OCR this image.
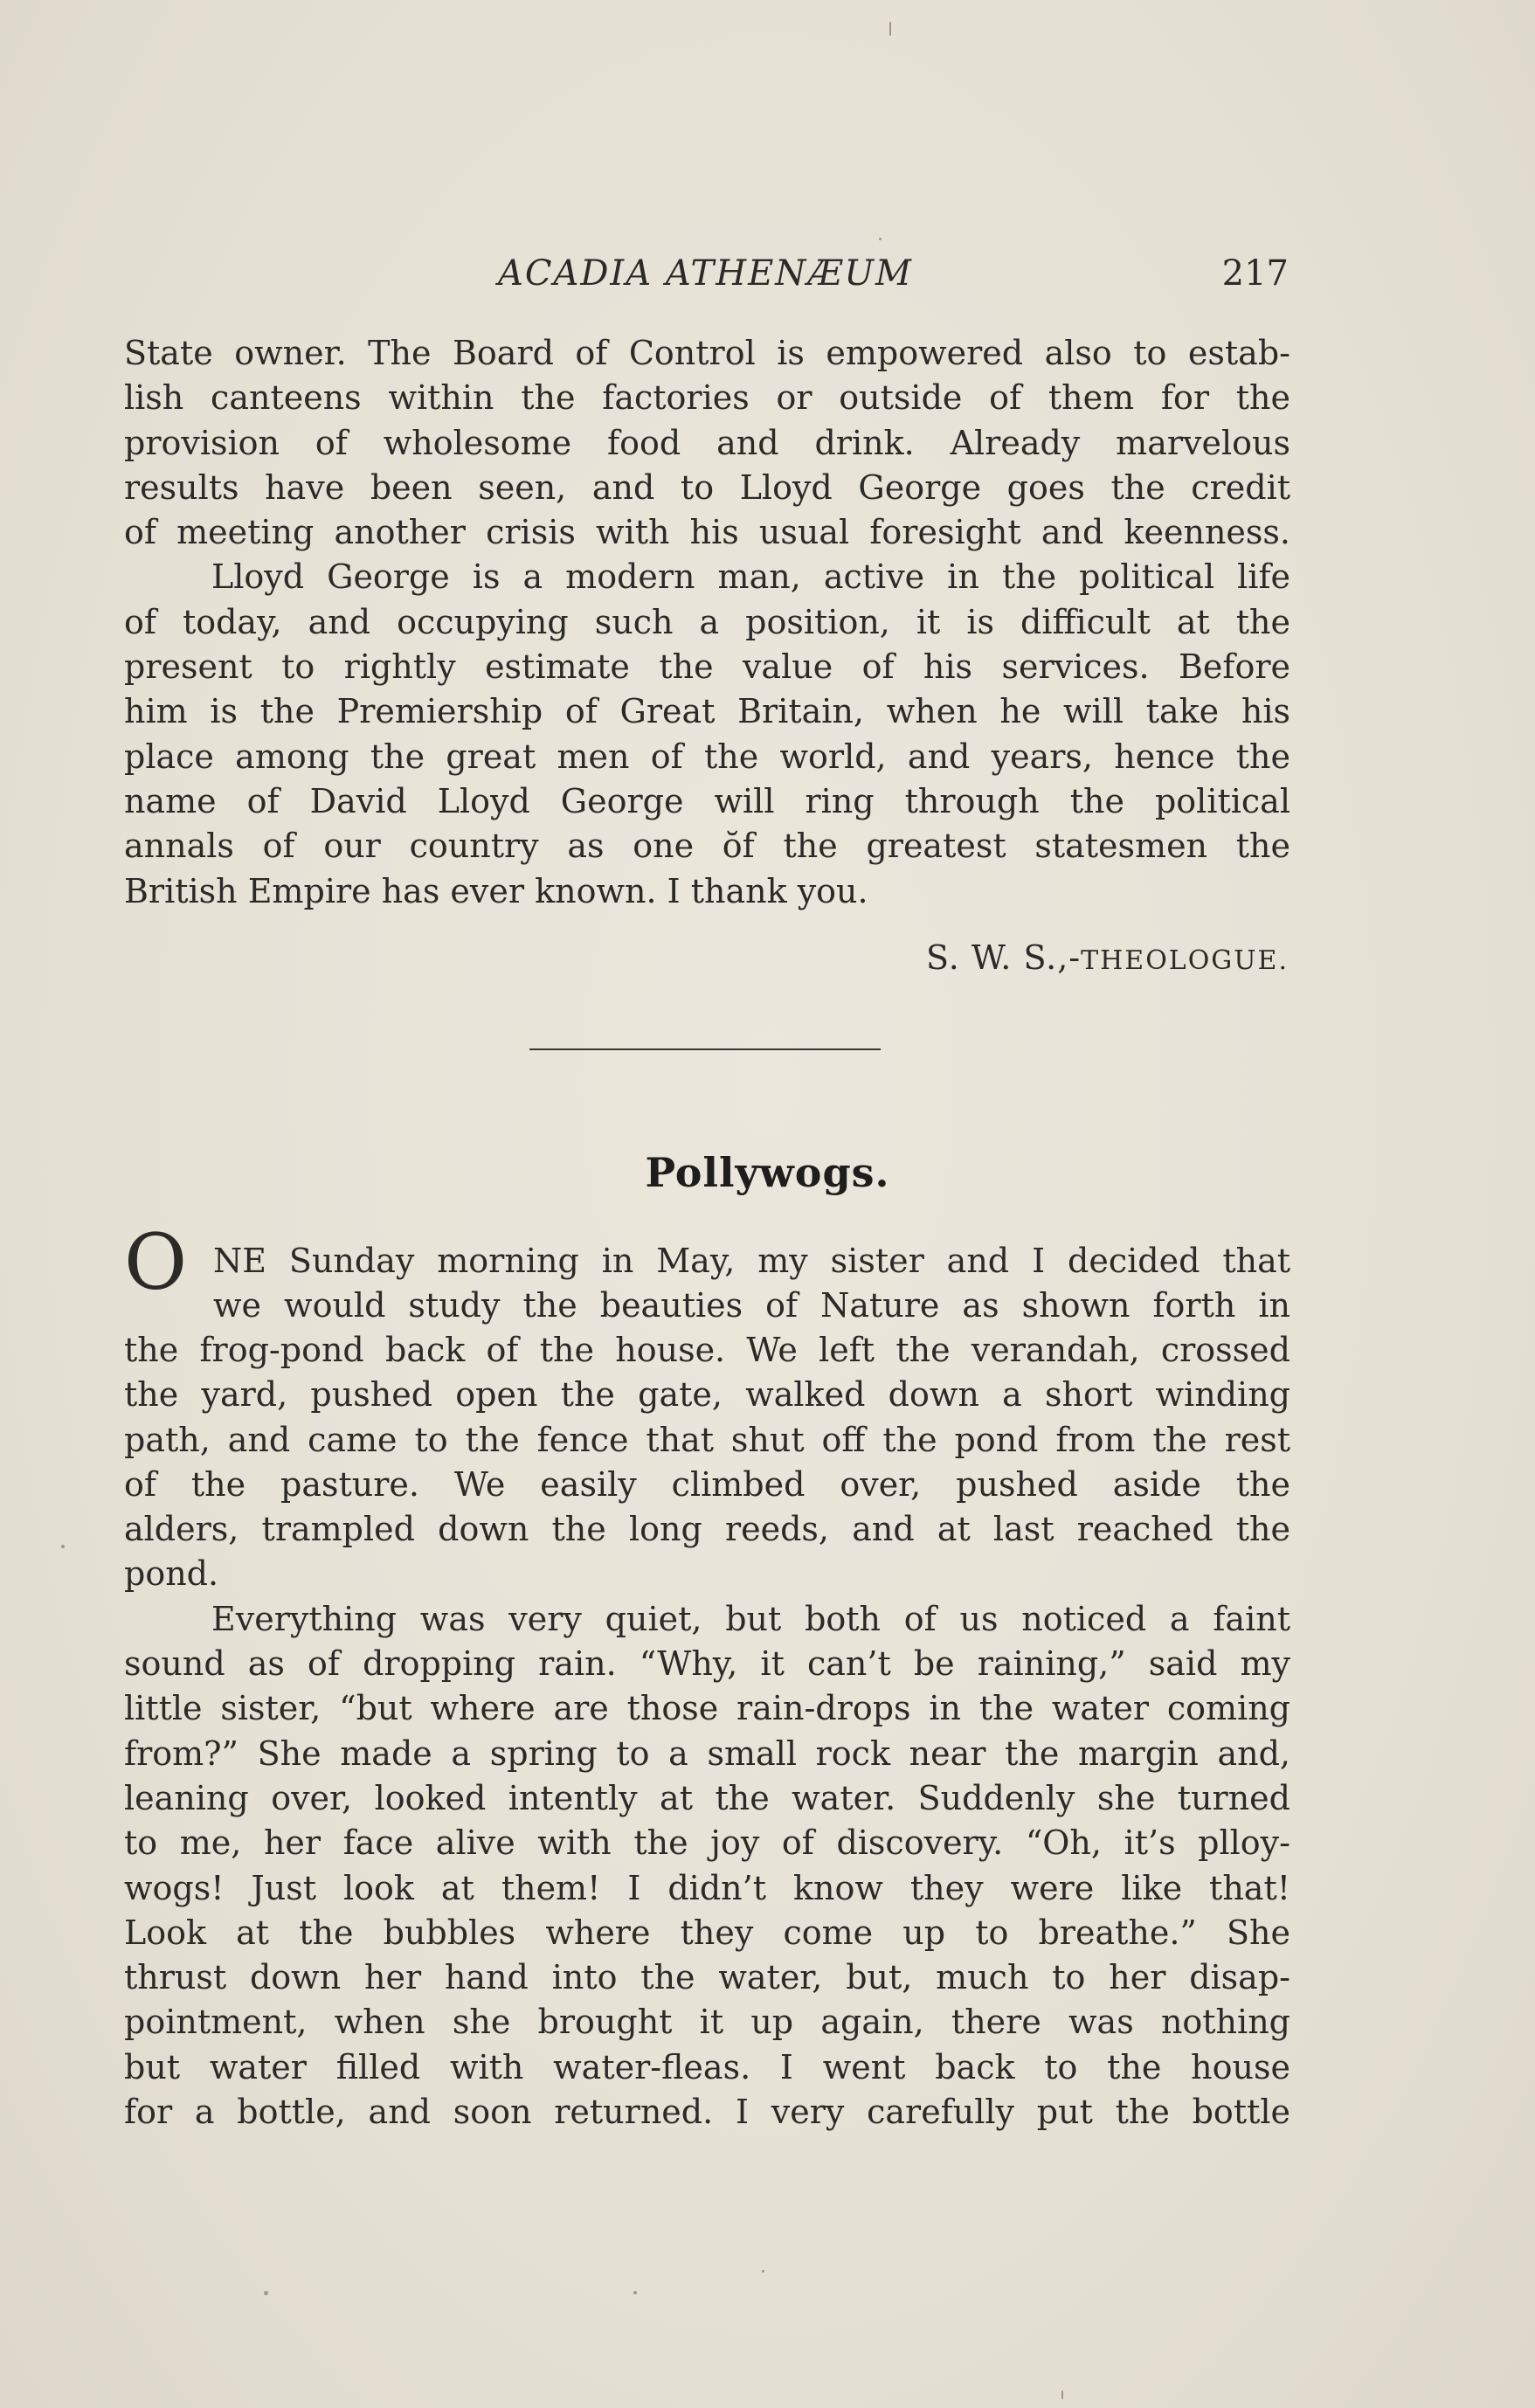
ACADIA ATHENÆUM	217
State owner. The Board of Control is empowered also to estab-
lish canteens within the factories or outside of them for the
provision of wholesome food and drink. Already marvelous
results have been seen, and to Lloyd George goes the credit
of meeting another crisis with his usual foresight and keenness.
Lloyd George is a modern man, active in the political life
of today, and occupying such a position, it is difficult at the
present to rightly estimate the value of his services. Before
him is the Premiership of Great Britain, when he will take his
place among the great men of the world, and years, hence the
name of David Lloyd George will ring through the political
annals of our country as one ŏf the greatest statesmen the
British Empire has ever known. I thank you.
S. W. S.,-THEOLOGUE.
Pollywogs.
O NE Sunday morning in May, my sister and I decided that
we would study the beauties of Nature as shown forth in
the frog-pond back of the house. We left the verandah, crossed
the yard, pushed open the gate, walked down a short winding
path, and came to the fence that shut off the pond from the rest
of the pasture. We easily climbed over, pushed aside the
alders, trampled down the long reeds, and at last reached the
pond.
Everything was very quiet, but both of us noticed a faint
sound as of dropping rain. “Why, it can’t be raining,” said my
little sister, “but where are those rain-drops in the water coming
from?” She made a spring to a small rock near the margin and,
leaning over, looked intently at the water. Suddenly she turned
to me, her face alive with the joy of discovery. “Oh, it’s plloy-
wogs! Just look at them! I didn’t know they were like that!
Look at the bubbles where they come up to breathe.” She
thrust down her hand into the water, but, much to her disap-
pointment, when she brought it up again, there was nothing
but water filled with water-fleas. I went back to the house
for a bottle, and soon returned. I very carefully put the bottle
